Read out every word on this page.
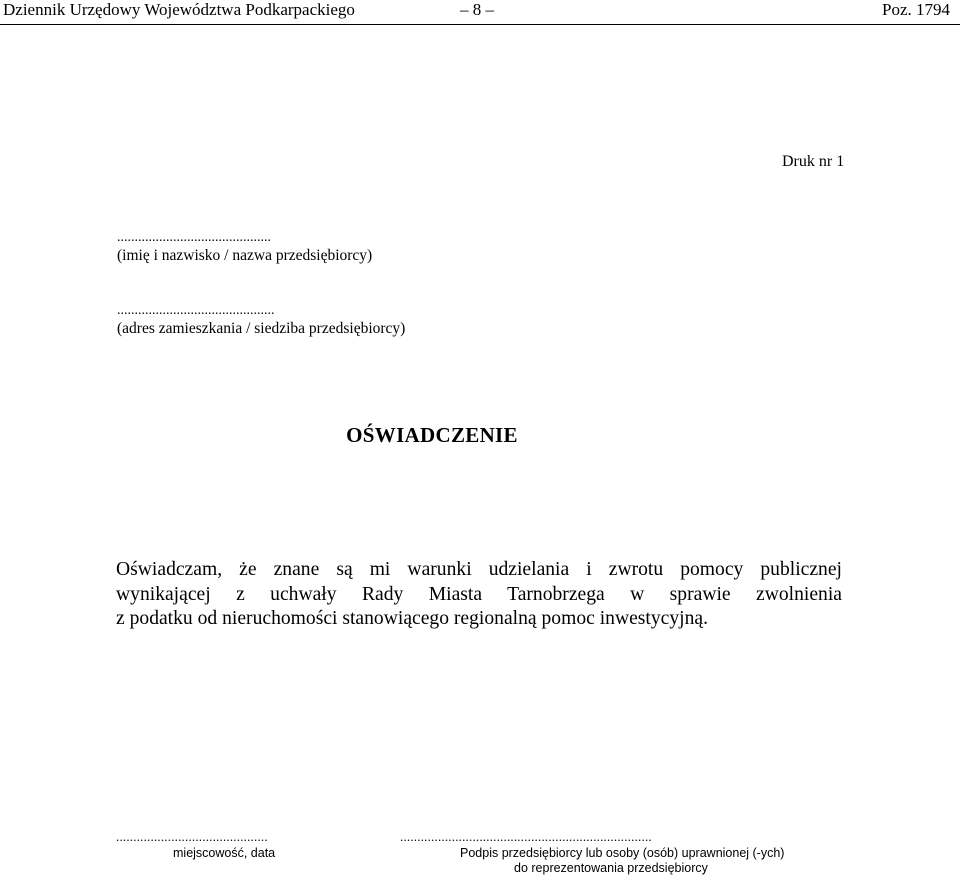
Dziennik Urzędowy Województwa Podkarpackiego	– 8 –	Poz. 1794
Druk nr 1
............................................
(imię i nazwisko / nazwa przedsiębiorcy)
.............................................
(adres zamieszkania / siedziba przedsiębiorcy)
OŚWIADCZENIE
Oświadczam, że znane są mi warunki udzielania i zwrotu pomocy publicznej
wynikającej z uchwały Rady Miasta Tarnobrzega w sprawie zwolnienia
z podatku od nieruchomości stanowiącego regionalną pomoc inwestycyjną.
............................................
miejscowość, data
.........................................................................
Podpis przedsiębiorcy lub osoby (osób) uprawnionej (-ych)
do reprezentowania przedsiębiorcy
